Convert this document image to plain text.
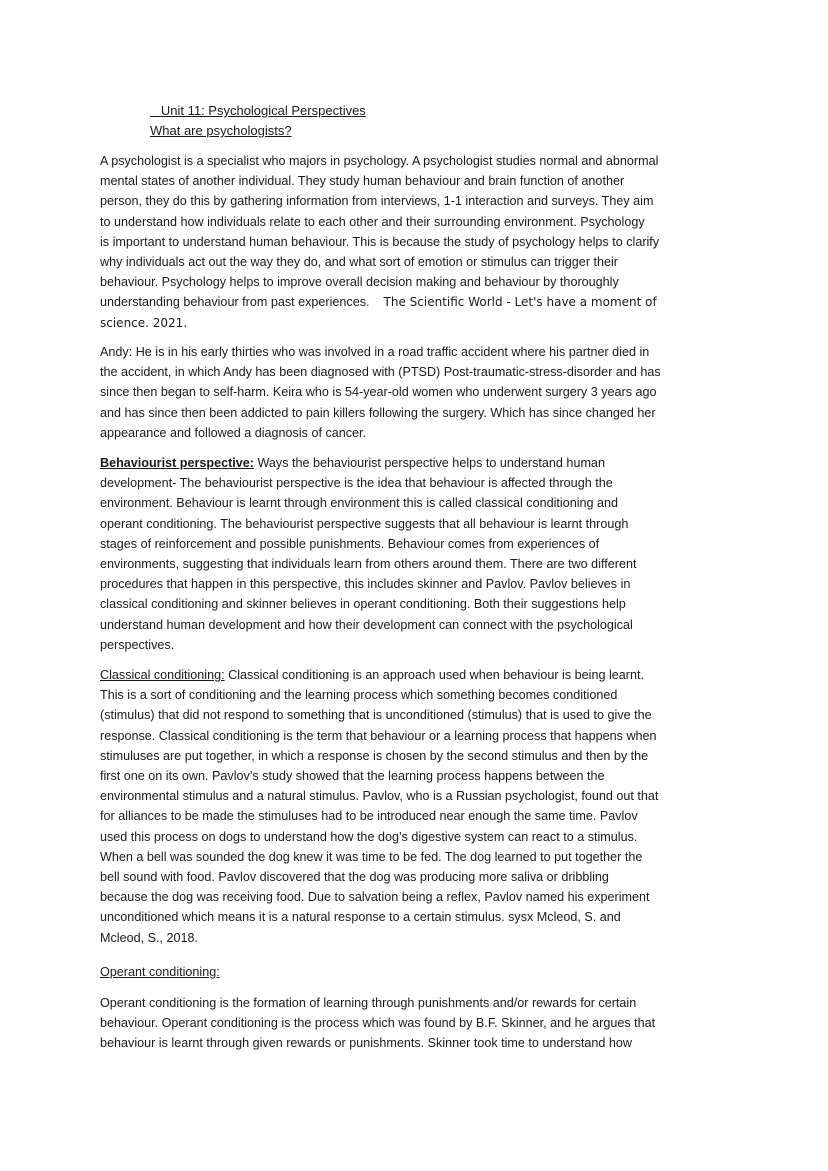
Unit 11: Psychological Perspectives
What are psychologists?
A psychologist is a specialist who majors in psychology. A psychologist studies normal and abnormal
mental states of another individual. They study human behaviour and brain function of another
person, they do this by gathering information from interviews, 1-1 interaction and surveys. They aim
to understand how individuals relate to each other and their surrounding environment. Psychology
is important to understand human behaviour. This is because the study of psychology helps to clarify
why individuals act out the way they do, and what sort of emotion or stimulus can trigger their
behaviour. Psychology helps to improve overall decision making and behaviour by thoroughly
understanding behaviour from past experiences. The Scientific World - Let's have a moment of
science. 2021.
Andy: He is in his early thirties who was involved in a road traffic accident where his partner died in
the accident, in which Andy has been diagnosed with (PTSD) Post-traumatic-stress-disorder and has
since then began to self-harm. Keira who is 54-year-old women who underwent surgery 3 years ago
and has since then been addicted to pain killers following the surgery. Which has since changed her
appearance and followed a diagnosis of cancer.
Behaviourist perspective: Ways the behaviourist perspective helps to understand human
development- The behaviourist perspective is the idea that behaviour is affected through the
environment. Behaviour is learnt through environment this is called classical conditioning and
operant conditioning. The behaviourist perspective suggests that all behaviour is learnt through
stages of reinforcement and possible punishments. Behaviour comes from experiences of
environments, suggesting that individuals learn from others around them. There are two different
procedures that happen in this perspective, this includes skinner and Pavlov. Pavlov believes in
classical conditioning and skinner believes in operant conditioning. Both their suggestions help
understand human development and how their development can connect with the psychological
perspectives.
Classical conditioning: Classical conditioning is an approach used when behaviour is being learnt.
This is a sort of conditioning and the learning process which something becomes conditioned
(stimulus) that did not respond to something that is unconditioned (stimulus) that is used to give the
response. Classical conditioning is the term that behaviour or a learning process that happens when
stimuluses are put together, in which a response is chosen by the second stimulus and then by the
first one on its own. Pavlov’s study showed that the learning process happens between the
environmental stimulus and a natural stimulus. Pavlov, who is a Russian psychologist, found out that
for alliances to be made the stimuluses had to be introduced near enough the same time. Pavlov
used this process on dogs to understand how the dog’s digestive system can react to a stimulus.
When a bell was sounded the dog knew it was time to be fed. The dog learned to put together the
bell sound with food. Pavlov discovered that the dog was producing more saliva or dribbling
because the dog was receiving food. Due to salvation being a reflex, Pavlov named his experiment
unconditioned which means it is a natural response to a certain stimulus. sysx Mcleod, S. and
Mcleod, S., 2018.
Operant conditioning:
Operant conditioning is the formation of learning through punishments and/or rewards for certain
behaviour. Operant conditioning is the process which was found by B.F. Skinner, and he argues that
behaviour is learnt through given rewards or punishments. Skinner took time to understand how
